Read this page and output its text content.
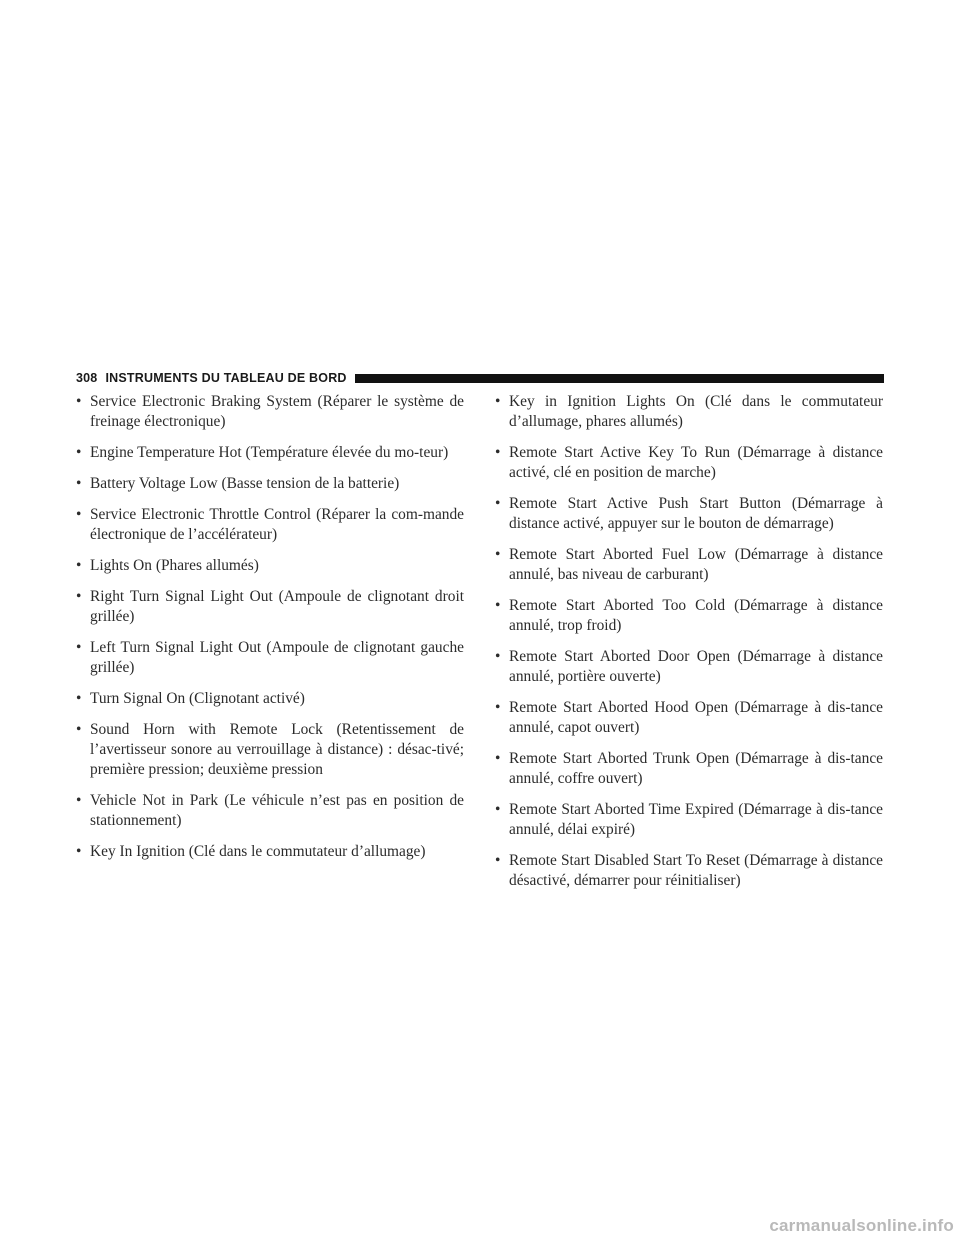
308 INSTRUMENTS DU TABLEAU DE BORD
• Service Electronic Braking System (Réparer le système de freinage électronique)
• Engine Temperature Hot (Température élevée du mo-teur)
• Battery Voltage Low (Basse tension de la batterie)
• Service Electronic Throttle Control (Réparer la com-mande électronique de l’accélérateur)
• Lights On (Phares allumés)
• Right Turn Signal Light Out (Ampoule de clignotant droit grillée)
• Left Turn Signal Light Out (Ampoule de clignotant gauche grillée)
• Turn Signal On (Clignotant activé)
• Sound Horn with Remote Lock (Retentissement de l’avertisseur sonore au verrouillage à distance) : désac-tivé; première pression; deuxième pression
• Vehicle Not in Park (Le véhicule n’est pas en position de stationnement)
• Key In Ignition (Clé dans le commutateur d’allumage)
• Key in Ignition Lights On (Clé dans le commutateur d’allumage, phares allumés)
• Remote Start Active Key To Run (Démarrage à distance activé, clé en position de marche)
• Remote Start Active Push Start Button (Démarrage à distance activé, appuyer sur le bouton de démarrage)
• Remote Start Aborted Fuel Low (Démarrage à distance annulé, bas niveau de carburant)
• Remote Start Aborted Too Cold (Démarrage à distance annulé, trop froid)
• Remote Start Aborted Door Open (Démarrage à distance annulé, portière ouverte)
• Remote Start Aborted Hood Open (Démarrage à dis-tance annulé, capot ouvert)
• Remote Start Aborted Trunk Open (Démarrage à dis-tance annulé, coffre ouvert)
• Remote Start Aborted Time Expired (Démarrage à dis-tance annulé, délai expiré)
• Remote Start Disabled Start To Reset (Démarrage à distance désactivé, démarrer pour réinitialiser)
carmanualsonline.info
